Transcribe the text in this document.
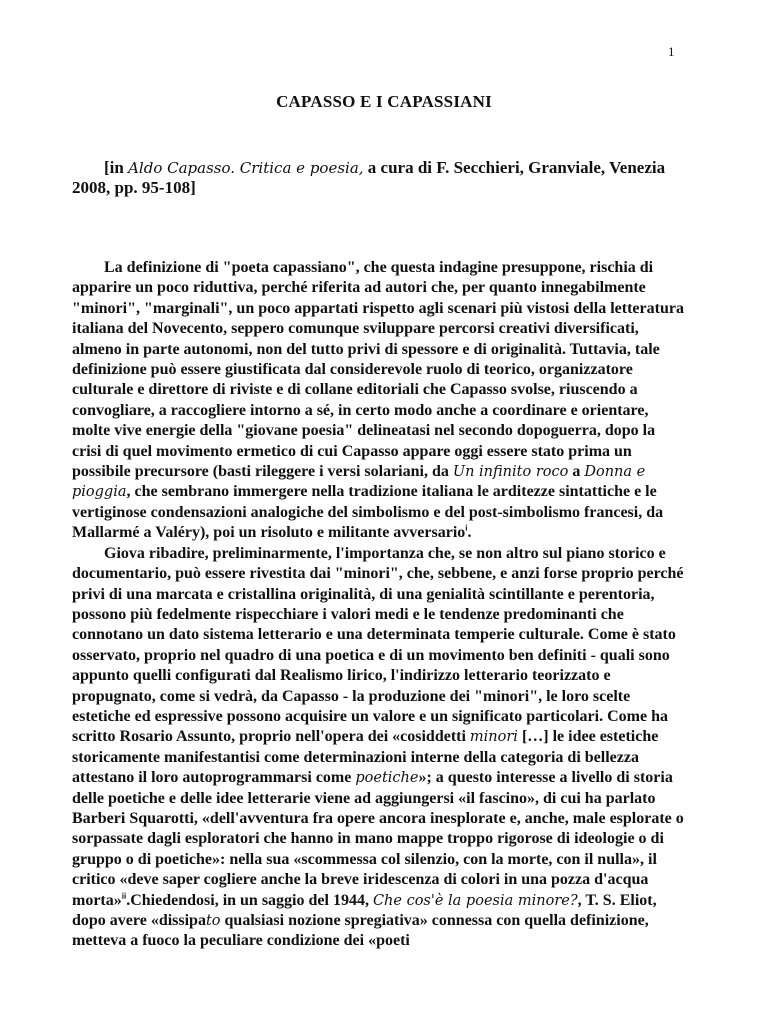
1
CAPASSO E I CAPASSIANI
[in Aldo Capasso. Critica e poesia, a cura di F. Secchieri, Granviale, Venezia 2008, pp. 95-108]

La definizione di "poeta capassiano", che questa indagine presuppone, rischia di apparire un poco riduttiva, perché riferita ad autori che, per quanto innegabilmente "minori", "marginali", un poco appartati rispetto agli scenari più vistosi della letteratura italiana del Novecento, seppero comunque sviluppare percorsi creativi diversificati, almeno in parte autonomi, non del tutto privi di spessore e di originalità. Tuttavia, tale definizione può essere giustificata dal considerevole ruolo di teorico, organizzatore culturale e direttore di riviste e di collane editoriali che Capasso svolse, riuscendo a convogliare, a raccogliere intorno a sé, in certo modo anche a coordinare e orientare, molte vive energie della "giovane poesia" delineatasi nel secondo dopoguerra, dopo la crisi di quel movimento ermetico di cui Capasso appare oggi essere stato prima un possibile precursore (basti rileggere i versi solariani, da Un infinito roco a Donna e pioggia, che sembrano immergere nella tradizione italiana le arditezze sintattiche e le vertiginose condensazioni analogiche del simbolismo e del post-simbolismo francesi, da Mallarmé a Valéry), poi un risoluto e militante avversario$^i$.

Giova ribadire, preliminarmente, l'importanza che, se non altro sul piano storico e documentario, può essere rivestita dai "minori", che, sebbene, e anzi forse proprio perché privi di una marcata e cristallina originalità, di una genialità scintillante e perentoria, possono più fedelmente rispecchiare i valori medi e le tendenze predominanti che connotano un dato sistema letterario e una determinata temperie culturale. Come è stato osservato, proprio nel quadro di una poetica e di un movimento ben definiti - quali sono appunto quelli configurati dal Realismo lirico, l'indirizzo letterario teorizzato e propugnato, come si vedrà, da Capasso - la produzione dei "minori", le loro scelte estetiche ed espressive possono acquisire un valore e un significato particolari. Come ha scritto Rosario Assunto, proprio nell'opera dei «cosiddetti minori […] le idee estetiche storicamente manifestantisi come determinazioni interne della categoria di bellezza attestano il loro autoprogrammarsi come poetiche»; a questo interesse a livello di storia delle poetiche e delle idee letterarie viene ad aggiungersi «il fascino», di cui ha parlato Barberi Squarotti, «dell'avventura fra opere ancora inesplorate e, anche, male esplorate o sorpassate dagli esploratori che hanno in mano mappe troppo rigorose di ideologie o di gruppo o di poetiche»: nella sua «scommessa col silenzio, con la morte, con il nulla», il critico «deve saper cogliere anche la breve iridescenza di colori in una pozza d'acqua morta»$^{ii}$.Chiedendosi, in un saggio del 1944, Che cos'è la poesia minore?, T. S. Eliot, dopo avere «dissipato qualsiasi nozione spregiativa» connessa con quella definizione, metteva a fuoco la peculiare condizione dei «poeti
